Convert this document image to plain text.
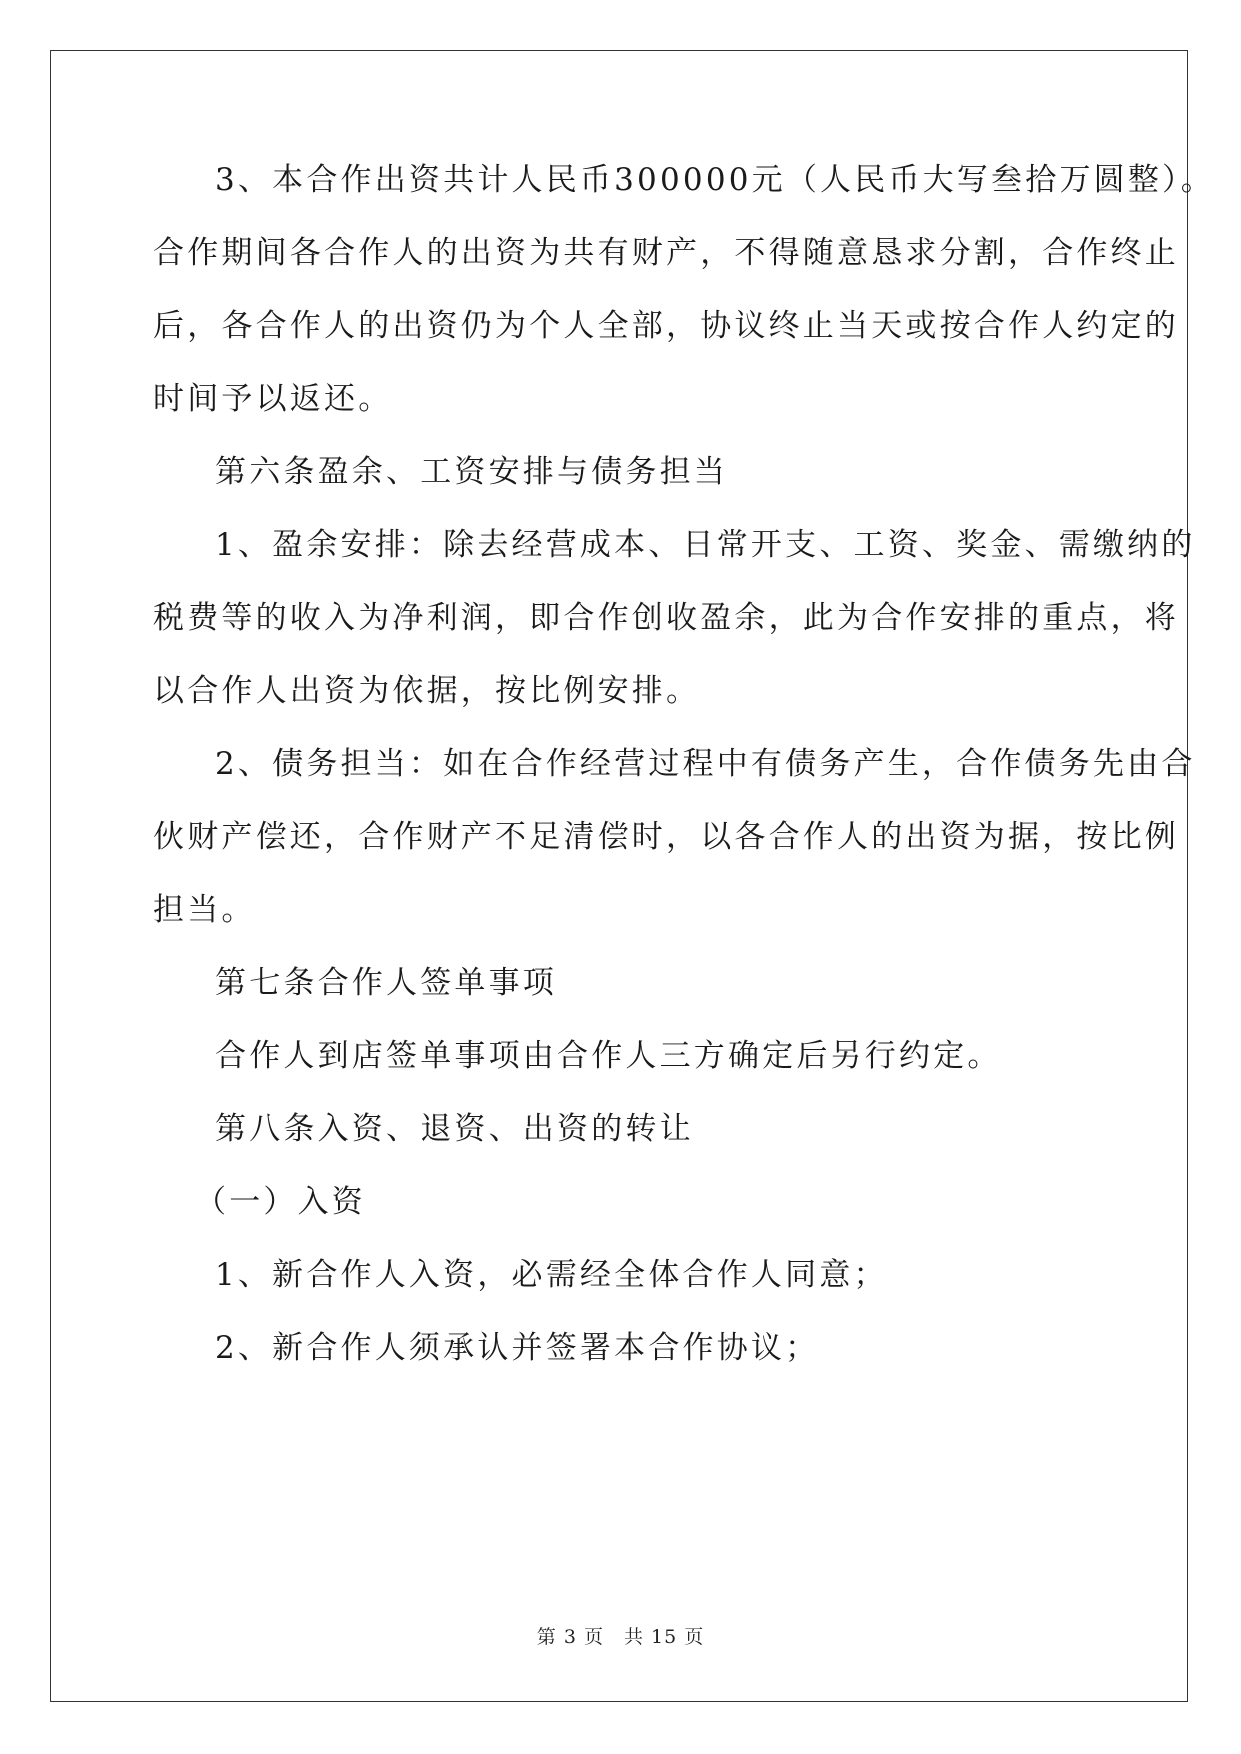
3、本合作出资共计人民币300000元（人民币大写叁拾万圆整）。
合作期间各合作人的出资为共有财产，不得随意恳求分割，合作终止
后，各合作人的出资仍为个人全部，协议终止当天或按合作人约定的
时间予以返还。
第六条盈余、工资安排与债务担当
1、盈余安排：除去经营成本、日常开支、工资、奖金、需缴纳的
税费等的收入为净利润，即合作创收盈余，此为合作安排的重点，将
以合作人出资为依据，按比例安排。
2、债务担当：如在合作经营过程中有债务产生，合作债务先由合
伙财产偿还，合作财产不足清偿时，以各合作人的出资为据，按比例
担当。
第七条合作人签单事项
合作人到店签单事项由合作人三方确定后另行约定。
第八条入资、退资、出资的转让
（一）入资
1、新合作人入资，必需经全体合作人同意；
2、新合作人须承认并签署本合作协议；
第 3 页　共 15 页
